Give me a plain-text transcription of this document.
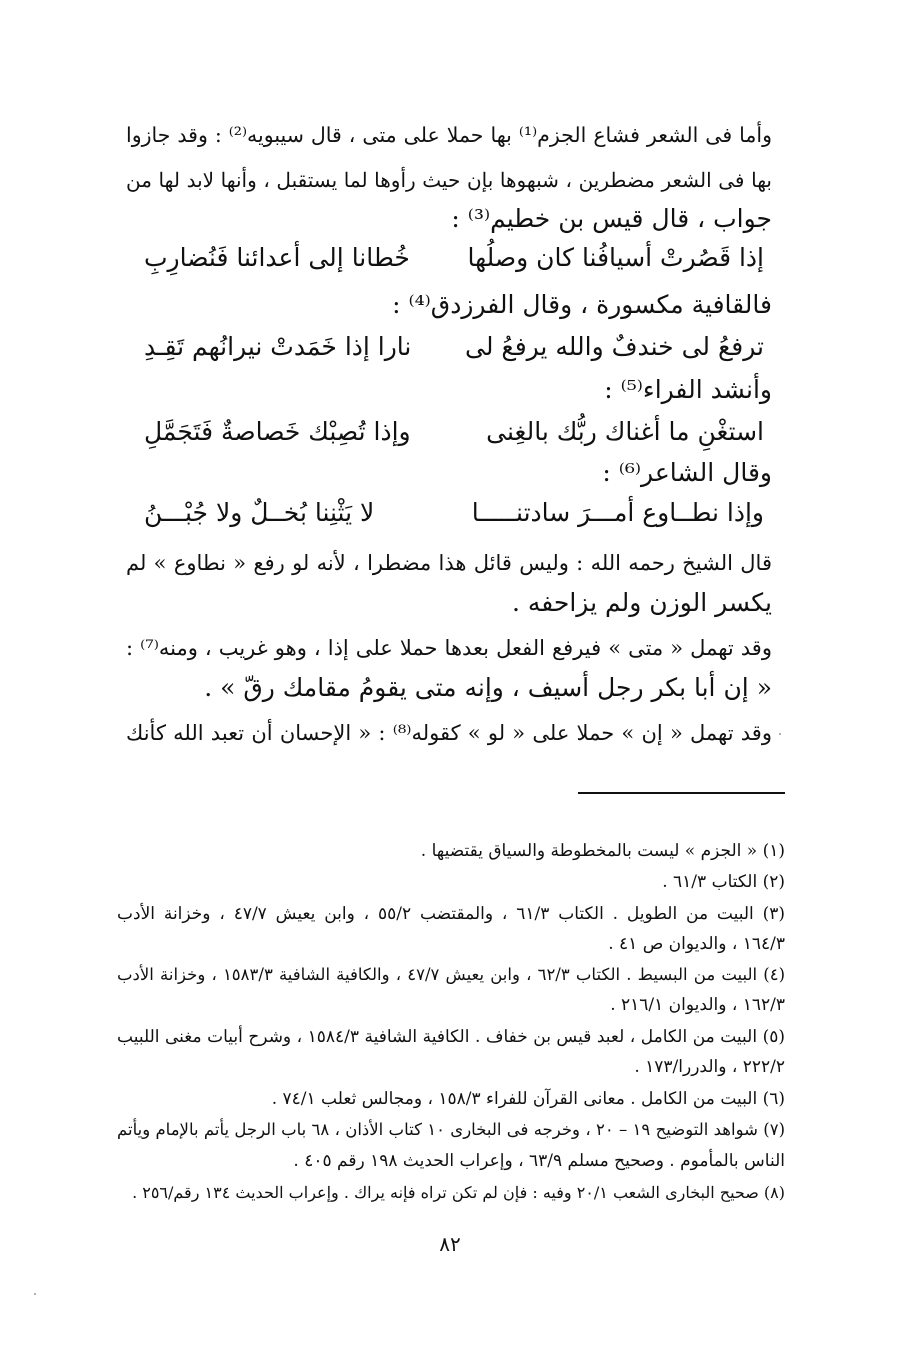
وأما فى الشعر فشاع الجزم⁽¹⁾ بها حملا على متى ، قال سيبويه⁽²⁾ : وقد جازوا
بها فى الشعر مضطرين ، شبهوها بإن حيث رأوها لما يستقبل ، وأنها لابد لها من
جواب ، قال قيس بن خطيم⁽³⁾ :
إذا قَصُرتْ أسيافُنا كان وصلُها
خُطانا إلى أعدائنا فَنُضارِبِ
فالقافية مكسورة ، وقال الفرزدق⁽⁴⁾ :
ترفعُ لى خندفٌ والله يرفعُ لى
نارا إذا خَمَدتْ نيرانُهم تَقِـدِ
وأنشد الفراء⁽⁵⁾ :
استغْنِ ما أغناك ربُّك بالغِنى
وإذا تُصِبْك خَصاصةٌ فَتَجَمَّلِ
وقال الشاعر⁽⁶⁾ :
وإذا نطــاوع أمـــرَ سادتنـــــا
لا يَثْنِنا بُخــلٌ ولا جُبْـــنُ
قال الشيخ رحمه الله : وليس قائل هذا مضطرا ، لأنه لو رفع « نطاوع » لم
يكسر الوزن ولم يزاحفه .
وقد تهمل « متى » فيرفع الفعل بعدها حملا على إذا ، وهو غريب ، ومنه⁽⁷⁾ :
« إن أبا بكر رجل أسيف ، وإنه متى يقومُ مقامك رقّ » .
وقد تهمل « إن » حملا على « لو » كقوله⁽⁸⁾ : « الإحسان أن تعبد الله كأنك
(١) « الجزم » ليست بالمخطوطة والسياق يقتضيها .
(٢) الكتاب ٦١/٣ .
(٣) البيت من الطويل . الكتاب ٦١/٣ ، والمقتضب ٥٥/٢ ، وابن يعيش ٤٧/٧ ، وخزانة الأدب
١٦٤/٣ ، والديوان ص ٤١ .
(٤) البيت من البسيط . الكتاب ٦٢/٣ ، وابن يعيش ٤٧/٧ ، والكافية الشافية ١٥٨٣/٣ ، وخزانة الأدب
١٦٢/٣ ، والديوان ٢١٦/١ .
(٥) البيت من الكامل ، لعبد قيس بن خفاف . الكافية الشافية ١٥٨٤/٣ ، وشرح أبيات مغنى اللبيب
٢٢٢/٢ ، والدررا/١٧٣ .
(٦) البيت من الكامل . معانى القرآن للفراء ١٥٨/٣ ، ومجالس ثعلب ٧٤/١ .
(٧) شواهد التوضيح ١٩ – ٢٠ ، وخرجه فى البخارى ١٠ كتاب الأذان ، ٦٨ باب الرجل يأتم بالإمام ويأتم
الناس بالمأموم . وصحيح مسلم ٦٣/٩ ، وإعراب الحديث ١٩٨ رقم ٤٠٥ .
(٨) صحيح البخارى الشعب ٢٠/١ وفيه : فإن لم تكن تراه فإنه يراك . وإعراب الحديث ١٣٤ رقم/٢٥٦ .
٨٢
